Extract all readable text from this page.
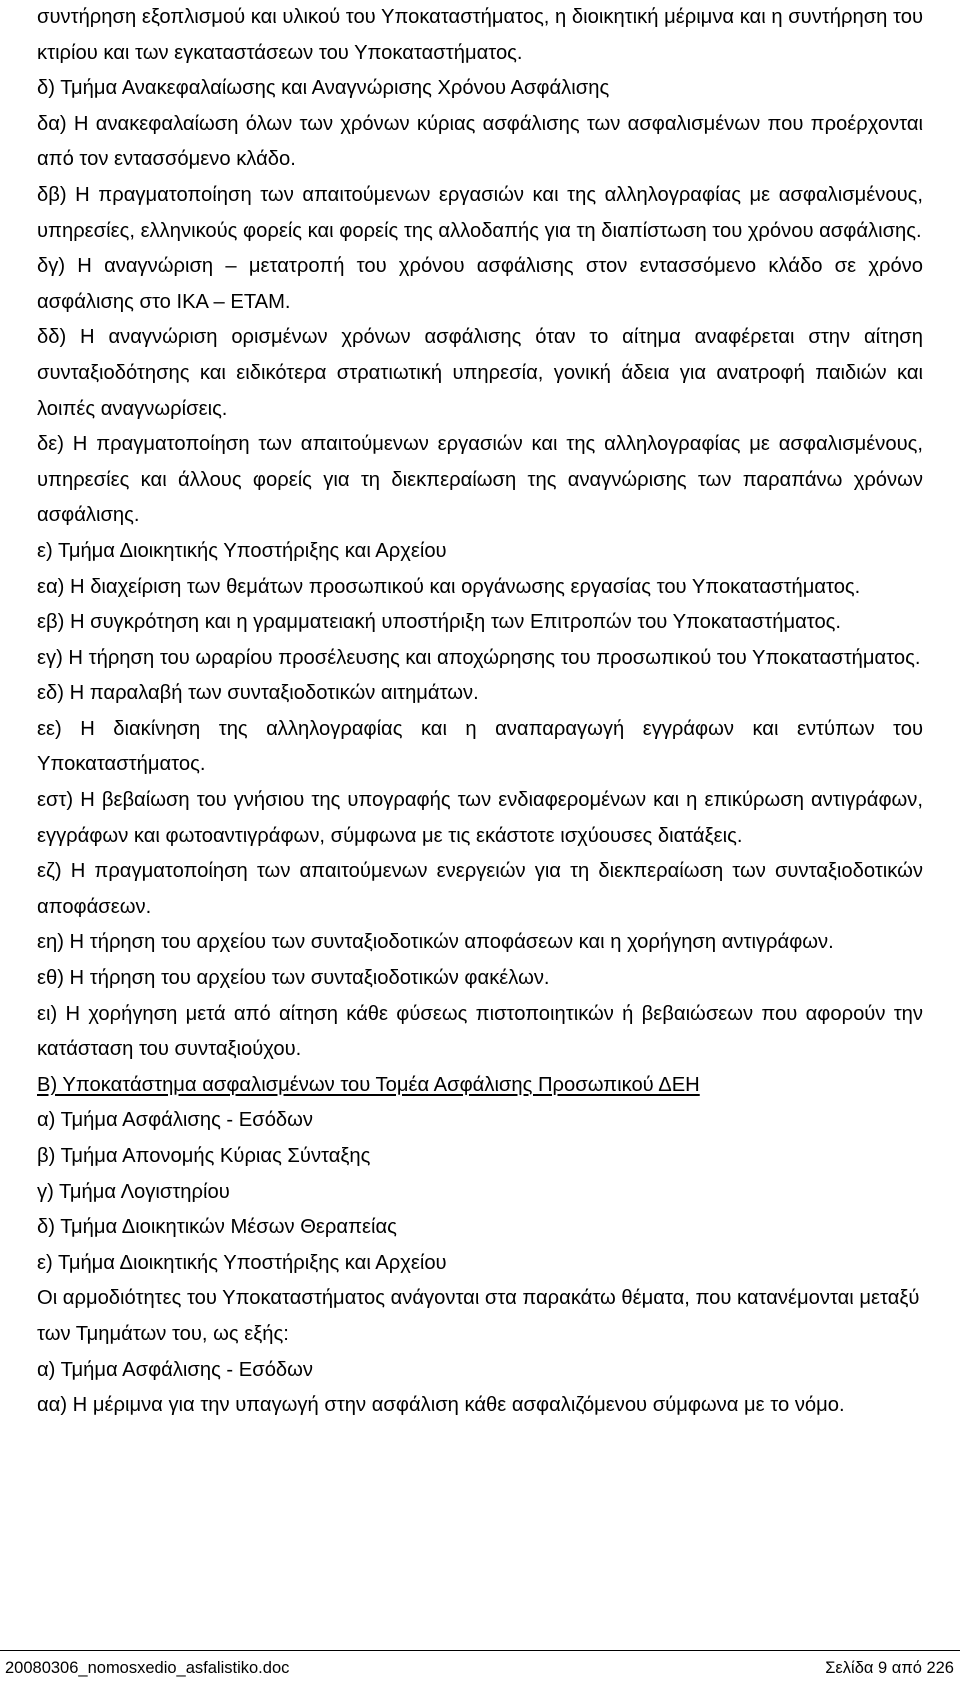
συντήρηση εξοπλισμού και υλικού του Υποκαταστήματος, η διοικητική μέριμνα και η συντήρηση του κτιρίου και των εγκαταστάσεων του Υποκαταστήματος.

δ) Τμήμα Ανακεφαλαίωσης και Αναγνώρισης Χρόνου Ασφάλισης

δα) Η ανακεφαλαίωση όλων των χρόνων κύριας ασφάλισης των ασφαλισμένων που προέρχονται από τον εντασσόμενο κλάδο.

δβ) Η πραγματοποίηση των απαιτούμενων εργασιών και της αλληλογραφίας με ασφαλισμένους, υπηρεσίες, ελληνικούς φορείς και φορείς της αλλοδαπής για τη διαπίστωση του χρόνου ασφάλισης.

δγ) Η αναγνώριση – μετατροπή του χρόνου ασφάλισης στον εντασσόμενο κλάδο σε χρόνο ασφάλισης στο ΙΚΑ – ΕΤΑΜ.

δδ) Η αναγνώριση ορισμένων χρόνων ασφάλισης όταν το αίτημα αναφέρεται στην αίτηση συνταξιοδότησης και ειδικότερα στρατιωτική υπηρεσία, γονική άδεια για ανατροφή παιδιών και λοιπές αναγνωρίσεις.

δε) Η πραγματοποίηση των απαιτούμενων εργασιών και της αλληλογραφίας με ασφαλισμένους, υπηρεσίες και άλλους φορείς για τη διεκπεραίωση της αναγνώρισης των παραπάνω χρόνων ασφάλισης.

ε) Τμήμα Διοικητικής Υποστήριξης και Αρχείου

εα) Η διαχείριση των θεμάτων προσωπικού και οργάνωσης εργασίας του Υποκαταστήματος.

εβ) Η συγκρότηση και η γραμματειακή υποστήριξη των Επιτροπών του Υποκαταστήματος.

εγ) Η τήρηση του ωραρίου προσέλευσης και αποχώρησης του προσωπικού του Υποκαταστήματος.

εδ) Η παραλαβή των συνταξιοδοτικών αιτημάτων.

εε) Η διακίνηση της αλληλογραφίας και η αναπαραγωγή εγγράφων και εντύπων του Υποκαταστήματος.

εστ) Η βεβαίωση του γνήσιου της υπογραφής των ενδιαφερομένων και η επικύρωση αντιγράφων, εγγράφων και φωτοαντιγράφων, σύμφωνα με τις εκάστοτε ισχύουσες διατάξεις.

εζ) Η πραγματοποίηση των απαιτούμενων ενεργειών για τη διεκπεραίωση των συνταξιοδοτικών αποφάσεων.

εη) Η τήρηση του αρχείου των συνταξιοδοτικών αποφάσεων και η χορήγηση αντιγράφων.

εθ) Η τήρηση του αρχείου των συνταξιοδοτικών φακέλων.

ει) Η χορήγηση μετά από αίτηση κάθε φύσεως πιστοποιητικών ή βεβαιώσεων που αφορούν την κατάσταση του συνταξιούχου.

Β) Υποκατάστημα ασφαλισμένων του Τομέα Ασφάλισης Προσωπικού ΔΕΗ

α) Τμήμα Ασφάλισης - Εσόδων

β) Τμήμα Απονομής Κύριας Σύνταξης

γ) Τμήμα Λογιστηρίου

δ) Τμήμα Διοικητικών Μέσων Θεραπείας

ε) Τμήμα Διοικητικής Υποστήριξης και Αρχείου

Οι αρμοδιότητες του Υποκαταστήματος ανάγονται στα παρακάτω θέματα, που κατανέμονται μεταξύ των Τμημάτων του, ως εξής:

α) Τμήμα Ασφάλισης - Εσόδων

αα) Η μέριμνα για την υπαγωγή στην ασφάλιση κάθε ασφαλιζόμενου σύμφωνα με το νόμο.

20080306_nomosxedio_asfalistiko.doc	Σελίδα 9 από 226
